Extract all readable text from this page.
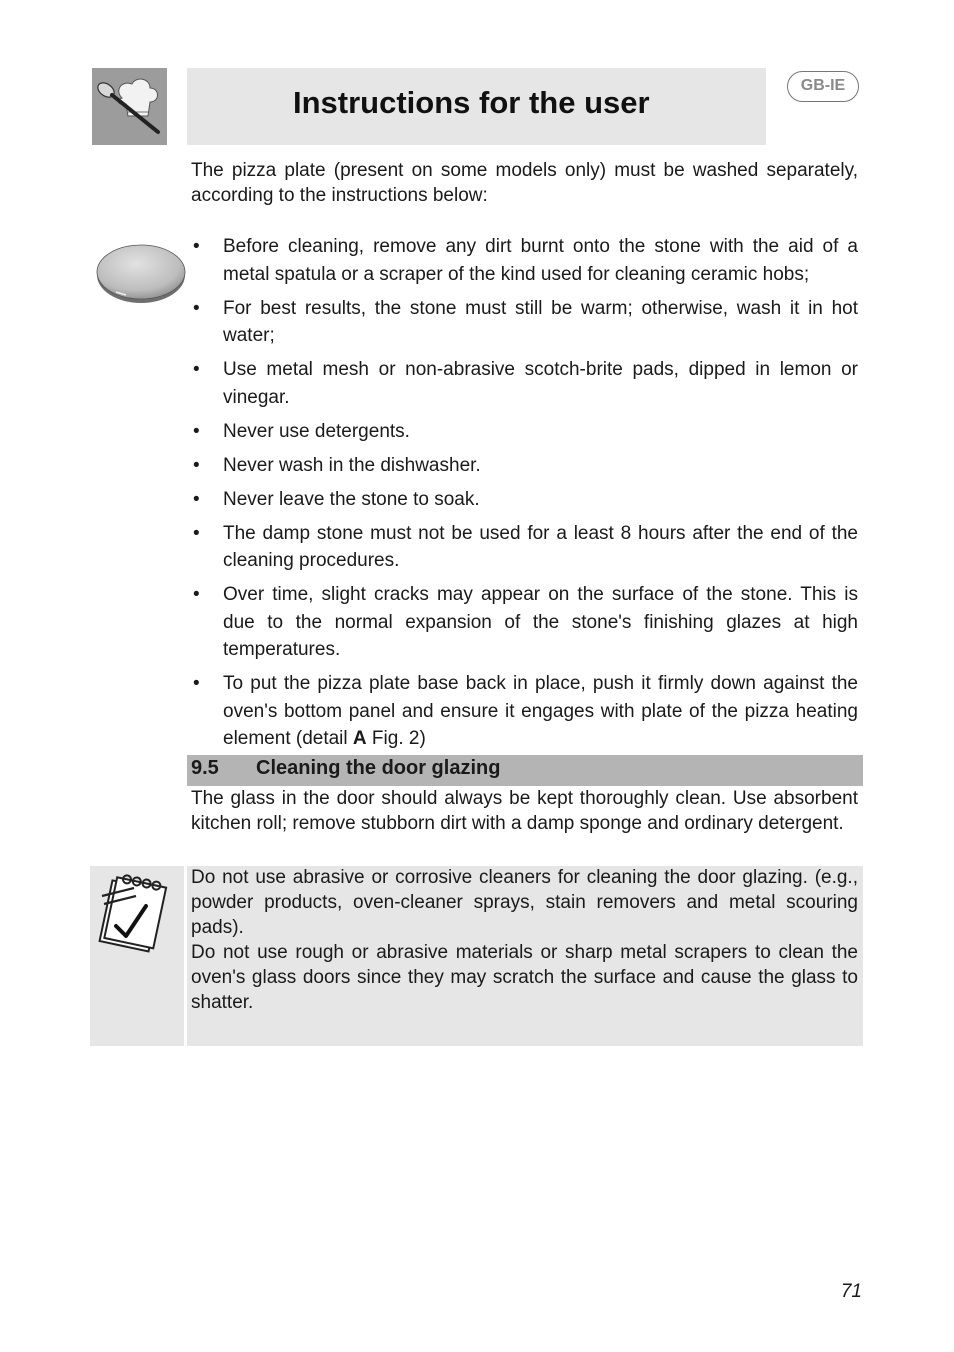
Instructions for the user	GB-IE

The pizza plate (present on some models only) must be washed separately, according to the instructions below:

• Before cleaning, remove any dirt burnt onto the stone with the aid of a metal spatula or a scraper of the kind used for cleaning ceramic hobs;
• For best results, the stone must still be warm; otherwise, wash it in hot water;
• Use metal mesh or non-abrasive scotch-brite pads, dipped in lemon or vinegar.
• Never use detergents.
• Never wash in the dishwasher.
• Never leave the stone to soak.
• The damp stone must not be used for a least 8 hours after the end of the cleaning procedures.
• Over time, slight cracks may appear on the surface of the stone. This is due to the normal expansion of the stone's finishing glazes at high temperatures.
• To put the pizza plate base back in place, push it firmly down against the oven's bottom panel and ensure it engages with plate of the pizza heating element (detail A Fig. 2)
9.5 Cleaning the door glazing

The glass in the door should always be kept thoroughly clean. Use absorbent kitchen roll; remove stubborn dirt with a damp sponge and ordinary detergent.

Do not use abrasive or corrosive cleaners for cleaning the door glazing. (e.g., powder products, oven-cleaner sprays, stain removers and metal scouring pads).
Do not use rough or abrasive materials or sharp metal scrapers to clean the oven's glass doors since they may scratch the surface and cause the glass to shatter.
71
